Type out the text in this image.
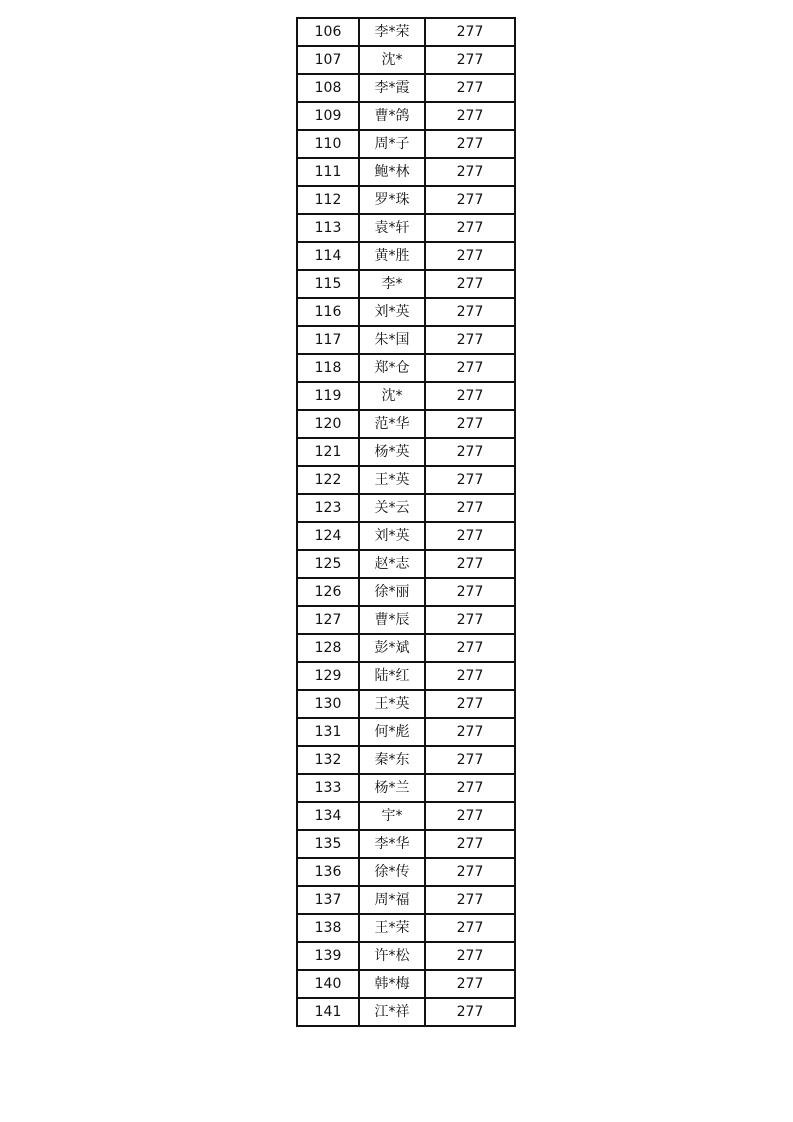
106	李*荣	277
107	沈*	277
108	李*霞	277
109	曹*鸽	277
110	周*子	277
111	鲍*林	277
112	罗*珠	277
113	袁*轩	277
114	黄*胜	277
115	李*	277
116	刘*英	277
117	朱*国	277
118	郑*仓	277
119	沈*	277
120	范*华	277
121	杨*英	277
122	王*英	277
123	关*云	277
124	刘*英	277
125	赵*志	277
126	徐*丽	277
127	曹*辰	277
128	彭*斌	277
129	陆*红	277
130	王*英	277
131	何*彪	277
132	秦*东	277
133	杨*兰	277
134	宇*	277
135	李*华	277
136	徐*传	277
137	周*福	277
138	王*荣	277
139	许*松	277
140	韩*梅	277
141	江*祥	277
